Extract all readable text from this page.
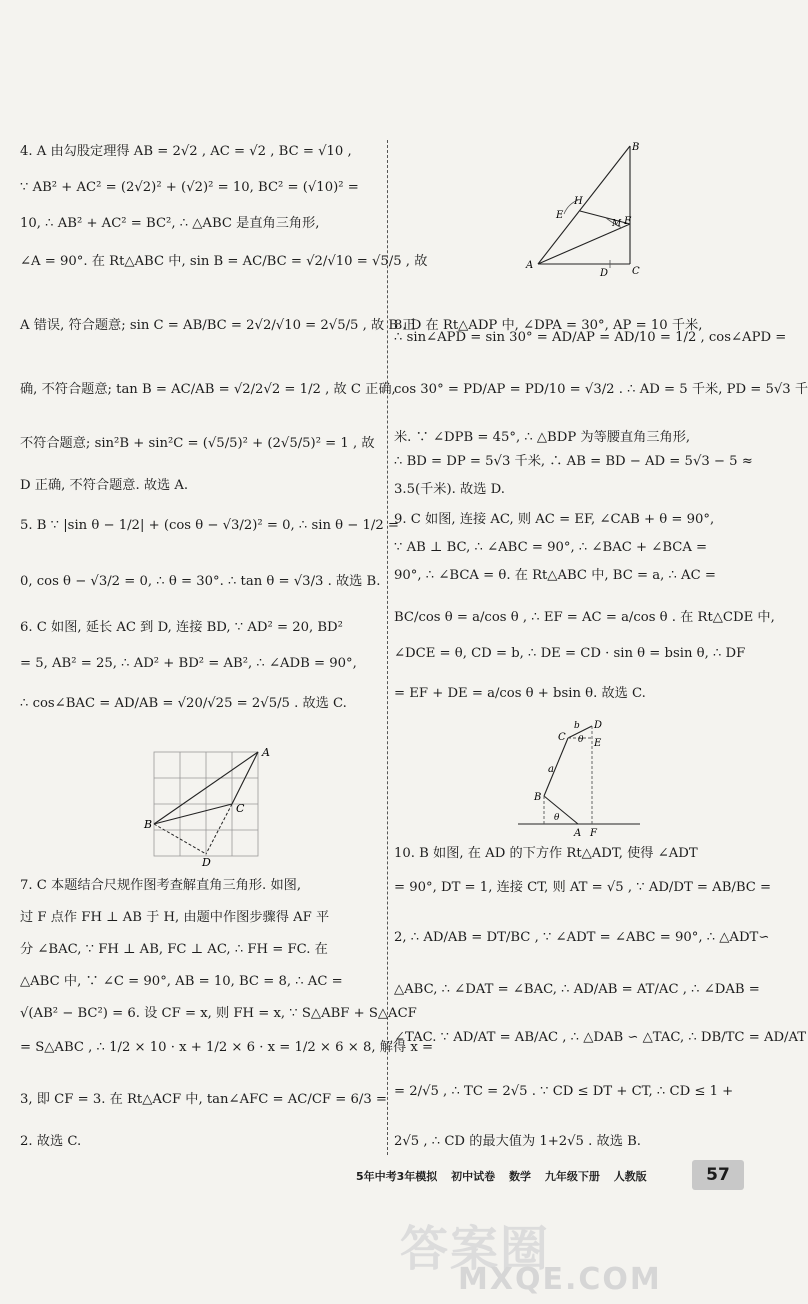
4. A 由勾股定理得 AB = 2√2 , AC = √2 , BC = √10 ,
∵ AB² + AC² = (2√2)² + (√2)² = 10, BC² = (√10)² =
10, ∴ AB² + AC² = BC², ∴ △ABC 是直角三角形,
∠A = 90°. 在 Rt△ABC 中, sin B = AC/BC = √2/√10 = √5/5 , 故
A 错误, 符合题意; sin C = AB/BC = 2√2/√10 = 2√5/5 , 故 B 正
确, 不符合题意; tan B = AC/AB = √2/2√2 = 1/2 , 故 C 正确,
不符合题意; sin²B + sin²C = (√5/5)² + (2√5/5)² = 1 , 故
D 正确, 不符合题意. 故选 A.
5. B ∵ |sin θ − 1/2| + (cos θ − √3/2)² = 0, ∴ sin θ − 1/2 =
0, cos θ − √3/2 = 0, ∴ θ = 30°. ∴ tan θ = √3/3 . 故选 B.
6. C 如图, 延长 AC 到 D, 连接 BD, ∵ AD² = 20, BD²
= 5, AB² = 25, ∴ AD² + BD² = AB², ∴ ∠ADB = 90°,
∴ cos∠BAC = AD/AB = √20/√25 = 2√5/5 . 故选 C.
A
B
C
D
7. C 本题结合尺规作图考查解直角三角形. 如图,
过 F 点作 FH ⊥ AB 于 H, 由题中作图步骤得 AF 平
分 ∠BAC, ∵ FH ⊥ AB, FC ⊥ AC, ∴ FH = FC. 在
△ABC 中, ∵ ∠C = 90°, AB = 10, BC = 8, ∴ AC =
√(AB² − BC²) = 6. 设 CF = x, 则 FH = x, ∵ S△ABF + S△ACF
= S△ABC , ∴ 1/2 × 10 · x + 1/2 × 6 · x = 1/2 × 6 × 8, 解得 x =
3, 即 CF = 3. 在 Rt△ACF 中, tan∠AFC = AC/CF = 6/3 =
2. 故选 C.
B
H
E
M F
A
D C
8. D 在 Rt△ADP 中, ∠DPA = 30°, AP = 10 千米,
∴ sin∠APD = sin 30° = AD/AP = AD/10 = 1/2 , cos∠APD =
cos 30° = PD/AP = PD/10 = √3/2 . ∴ AD = 5 千米, PD = 5√3 千
米. ∵ ∠DPB = 45°, ∴ △BDP 为等腰直角三角形,
∴ BD = DP = 5√3 千米, ∴ AB = BD − AD = 5√3 − 5 ≈
3.5(千米). 故选 D.
9. C 如图, 连接 AC, 则 AC = EF, ∠CAB + θ = 90°,
∵ AB ⊥ BC, ∴ ∠ABC = 90°, ∴ ∠BAC + ∠BCA =
90°, ∴ ∠BCA = θ. 在 Rt△ABC 中, BC = a, ∴ AC =
BC/cos θ = a/cos θ , ∴ EF = AC = a/cos θ . 在 Rt△CDE 中,
∠DCE = θ, CD = b, ∴ DE = CD · sin θ = bsin θ, ∴ DF
= EF + DE = a/cos θ + bsin θ. 故选 C.
D
C
b
θ E
a
B
θ
A F
10. B 如图, 在 AD 的下方作 Rt△ADT, 使得 ∠ADT
= 90°, DT = 1, 连接 CT, 则 AT = √5 , ∵ AD/DT = AB/BC =
2, ∴ AD/AB = DT/BC , ∵ ∠ADT = ∠ABC = 90°, ∴ △ADT∽
△ABC, ∴ ∠DAT = ∠BAC, ∴ AD/AB = AT/AC , ∴ ∠DAB =
∠TAC. ∵ AD/AT = AB/AC , ∴ △DAB ∽ △TAC, ∴ DB/TC = AD/AT
= 2/√5 , ∴ TC = 2√5 . ∵ CD ≤ DT + CT, ∴ CD ≤ 1 +
2√5 , ∴ CD 的最大值为 1+2√5 . 故选 B.
5年中考3年模拟 初中试卷 数学 九年级下册 人教版	57
答案圈
MXQE.COM
